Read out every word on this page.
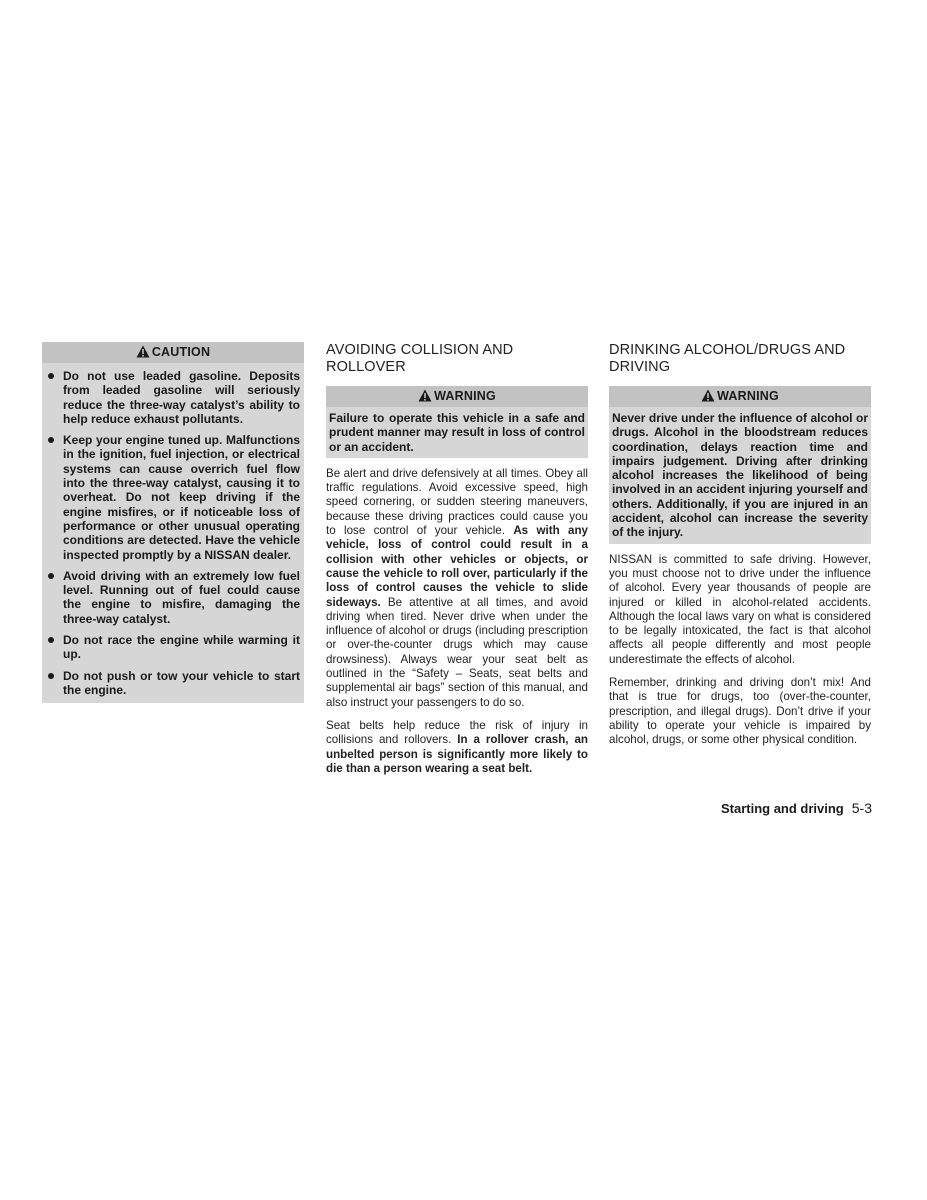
CAUTION
Do not use leaded gasoline. Deposits from leaded gasoline will seriously reduce the three-way catalyst’s ability to help reduce exhaust pollutants.
Keep your engine tuned up. Malfunctions in the ignition, fuel injection, or electrical systems can cause overrich fuel flow into the three-way catalyst, causing it to overheat. Do not keep driving if the engine misfires, or if noticeable loss of performance or other unusual operating conditions are detected. Have the vehicle inspected promptly by a NISSAN dealer.
Avoid driving with an extremely low fuel level. Running out of fuel could cause the engine to misfire, damaging the three-way catalyst.
Do not race the engine while warming it up.
Do not push or tow your vehicle to start the engine.
AVOIDING COLLISION AND ROLLOVER
WARNING

Failure to operate this vehicle in a safe and prudent manner may result in loss of control or an accident.

Be alert and drive defensively at all times. Obey all traffic regulations. Avoid excessive speed, high speed cornering, or sudden steering maneuvers, because these driving practices could cause you to lose control of your vehicle. As with any vehicle, loss of control could result in a collision with other vehicles or objects, or cause the vehicle to roll over, particularly if the loss of control causes the vehicle to slide sideways. Be attentive at all times, and avoid driving when tired. Never drive when under the influence of alcohol or drugs (including prescription or over-the-counter drugs which may cause drowsiness). Always wear your seat belt as outlined in the “Safety – Seats, seat belts and supplemental air bags” section of this manual, and also instruct your passengers to do so.

Seat belts help reduce the risk of injury in collisions and rollovers. In a rollover crash, an unbelted person is significantly more likely to die than a person wearing a seat belt.

DRINKING ALCOHOL/DRUGS AND DRIVING
WARNING

Never drive under the influence of alcohol or drugs. Alcohol in the bloodstream reduces coordination, delays reaction time and impairs judgement. Driving after drinking alcohol increases the likelihood of being involved in an accident injuring yourself and others. Additionally, if you are injured in an accident, alcohol can increase the severity of the injury.

NISSAN is committed to safe driving. However, you must choose not to drive under the influence of alcohol. Every year thousands of people are injured or killed in alcohol-related accidents. Although the local laws vary on what is considered to be legally intoxicated, the fact is that alcohol affects all people differently and most people underestimate the effects of alcohol.

Remember, drinking and driving don’t mix! And that is true for drugs, too (over-the-counter, prescription, and illegal drugs). Don’t drive if your ability to operate your vehicle is impaired by alcohol, drugs, or some other physical condition.

Starting and driving 5-3
